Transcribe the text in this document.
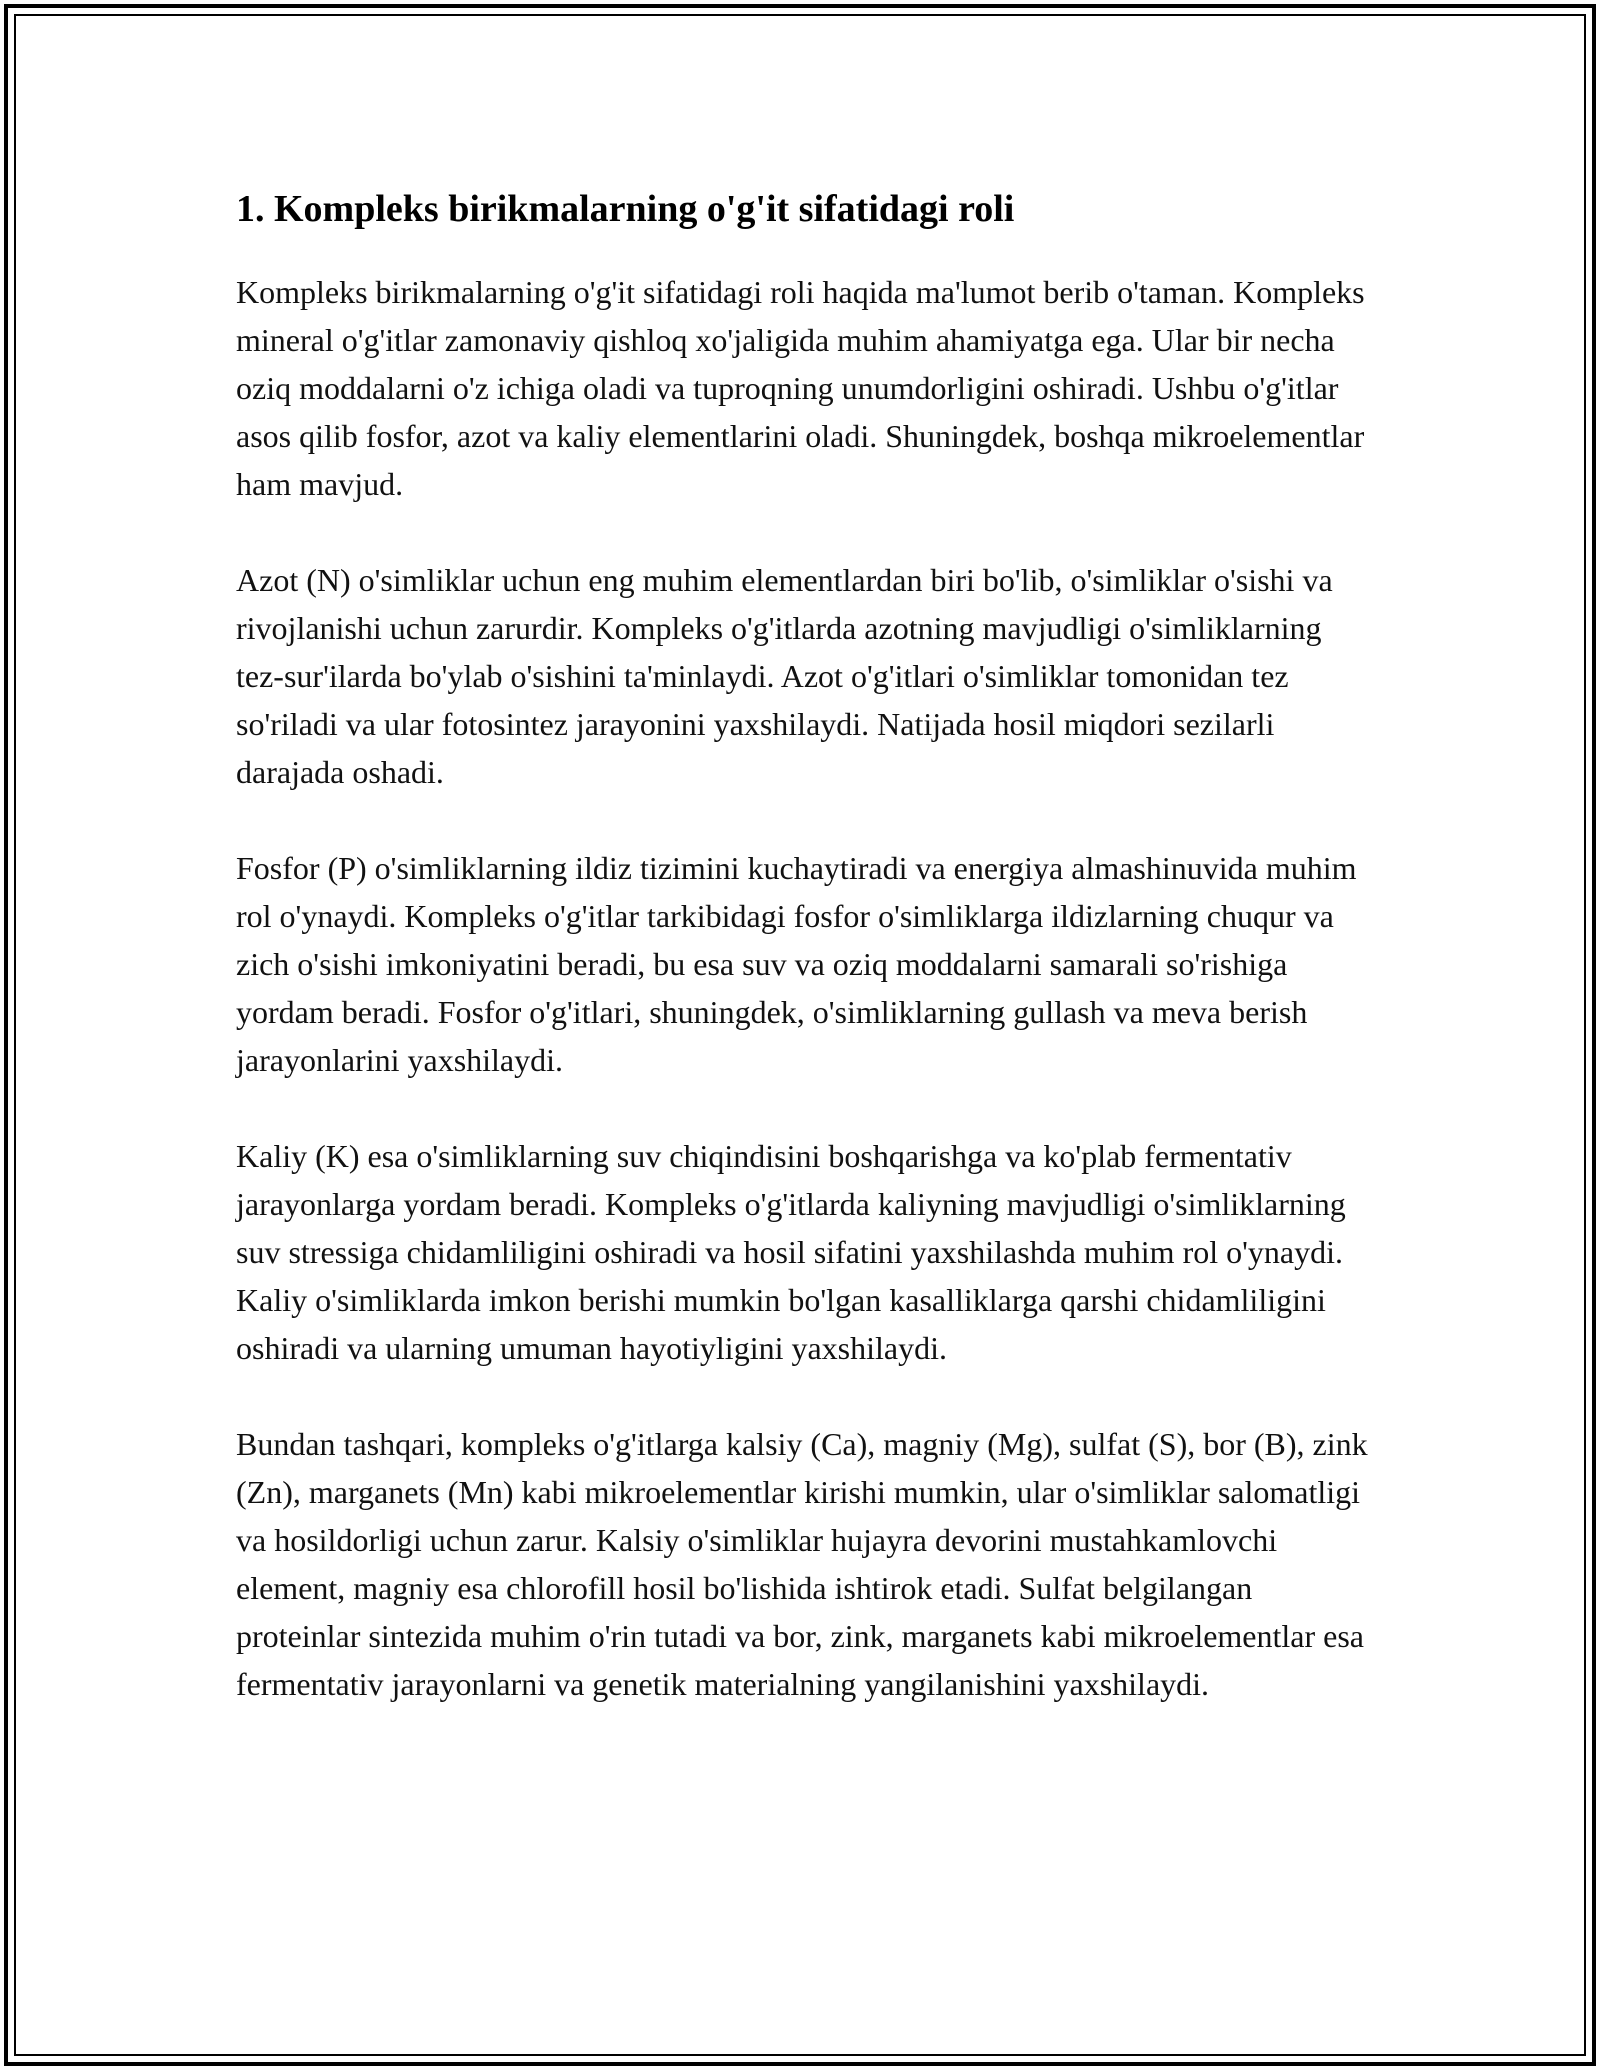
1. Kompleks birikmalarning o'g'it sifatidagi roli

Kompleks birikmalarning o'g'it sifatidagi roli haqida ma'lumot berib o'taman. Kompleks mineral o'g'itlar zamonaviy qishloq xo'jaligida muhim ahamiyatga ega. Ular bir necha oziq moddalarni o'z ichiga oladi va tuproqning unumdorligini oshiradi. Ushbu o'g'itlar asos qilib fosfor, azot va kaliy elementlarini oladi. Shuningdek, boshqa mikroelementlar ham mavjud.

Azot (N) o'simliklar uchun eng muhim elementlardan biri bo'lib, o'simliklar o'sishi va rivojlanishi uchun zarurdir. Kompleks o'g'itlarda azotning mavjudligi o'simliklarning tez-sur'ilarda bo'ylab o'sishini ta'minlaydi. Azot o'g'itlari o'simliklar tomonidan tez so'riladi va ular fotosintez jarayonini yaxshilaydi. Natijada hosil miqdori sezilarli darajada oshadi.

Fosfor (P) o'simliklarning ildiz tizimini kuchaytiradi va energiya almashinuvida muhim rol o'ynaydi. Kompleks o'g'itlar tarkibidagi fosfor o'simliklarga ildizlarning chuqur va zich o'sishi imkoniyatini beradi, bu esa suv va oziq moddalarni samarali so'rishiga yordam beradi. Fosfor o'g'itlari, shuningdek, o'simliklarning gullash va meva berish jarayonlarini yaxshilaydi.

Kaliy (K) esa o'simliklarning suv chiqindisini boshqarishga va ko'plab fermentativ jarayonlarga yordam beradi. Kompleks o'g'itlarda kaliyning mavjudligi o'simliklarning suv stressiga chidamliligini oshiradi va hosil sifatini yaxshilashda muhim rol o'ynaydi. Kaliy o'simliklarda imkon berishi mumkin bo'lgan kasalliklarga qarshi chidamliligini oshiradi va ularning umuman hayotiyligini yaxshilaydi.

Bundan tashqari, kompleks o'g'itlarga kalsiy (Ca), magniy (Mg), sulfat (S), bor (B), zink (Zn), marganets (Mn) kabi mikroelementlar kirishi mumkin, ular o'simliklar salomatligi va hosildorligi uchun zarur. Kalsiy o'simliklar hujayra devorini mustahkamlovchi element, magniy esa chlorofill hosil bo'lishida ishtirok etadi. Sulfat belgilangan proteinlar sintezida muhim o'rin tutadi va bor, zink, marganets kabi mikroelementlar esa fermentativ jarayonlarni va genetik materialning yangilanishini yaxshilaydi.
